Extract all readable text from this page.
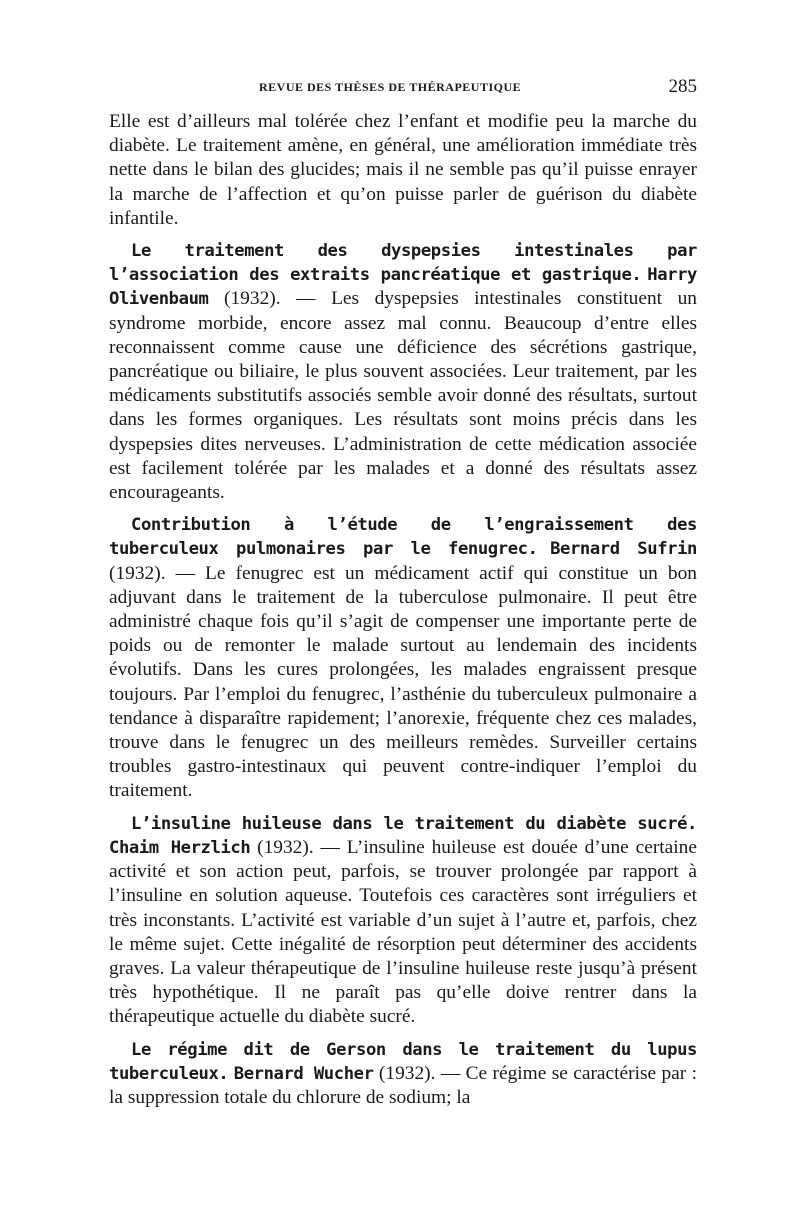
REVUE DES THÈSES DE THÉRAPEUTIQUE	285

Elle est d’ailleurs mal tolérée chez l’enfant et modifie peu la marche du diabète. Le traitement amène, en général, une amélioration immédiate très nette dans le bilan des glucides; mais il ne semble pas qu’il puisse enrayer la marche de l’affection et qu’on puisse parler de guérison du diabète infantile.

Le traitement des dyspepsies intestinales par l’association des extraits pancréatique et gastrique. Harry Olivenbaum (1932). — Les dyspepsies intestinales constituent un syndrome morbide, encore assez mal connu. Beaucoup d’entre elles reconnaissent comme cause une déficience des sécrétions gastrique, pancréatique ou biliaire, le plus souvent associées. Leur traitement, par les médicaments substitutifs associés semble avoir donné des résultats, surtout dans les formes organiques. Les résultats sont moins précis dans les dyspepsies dites nerveuses. L’administration de cette médication associée est facilement tolérée par les malades et a donné des résultats assez encourageants.

Contribution à l’étude de l’engraissement des tuberculeux pulmonaires par le fenugrec. Bernard Sufrin (1932). — Le fenugrec est un médicament actif qui constitue un bon adjuvant dans le traitement de la tuberculose pulmonaire. Il peut être administré chaque fois qu’il s’agit de compenser une importante perte de poids ou de remonter le malade surtout au lendemain des incidents évolutifs. Dans les cures prolongées, les malades engraissent presque toujours. Par l’emploi du fenugrec, l’asthénie du tuberculeux pulmonaire a tendance à disparaître rapidement; l’anorexie, fréquente chez ces malades, trouve dans le fenugrec un des meilleurs remèdes. Surveiller certains troubles gastro-intestinaux qui peuvent contre-indiquer l’emploi du traitement.

L’insuline huileuse dans le traitement du diabète sucré. Chaim Herzlich (1932). — L’insuline huileuse est douée d’une certaine activité et son action peut, parfois, se trouver prolongée par rapport à l’insuline en solution aqueuse. Toutefois ces caractères sont irréguliers et très inconstants. L’activité est variable d’un sujet à l’autre et, parfois, chez le même sujet. Cette inégalité de résorption peut déterminer des accidents graves. La valeur thérapeutique de l’insuline huileuse reste jusqu’à présent très hypothétique. Il ne paraît pas qu’elle doive rentrer dans la thérapeutique actuelle du diabète sucré.

Le régime dit de Gerson dans le traitement du lupus tuberculeux. Bernard Wucher (1932). — Ce régime se caractérise par : la suppression totale du chlorure de sodium; la
